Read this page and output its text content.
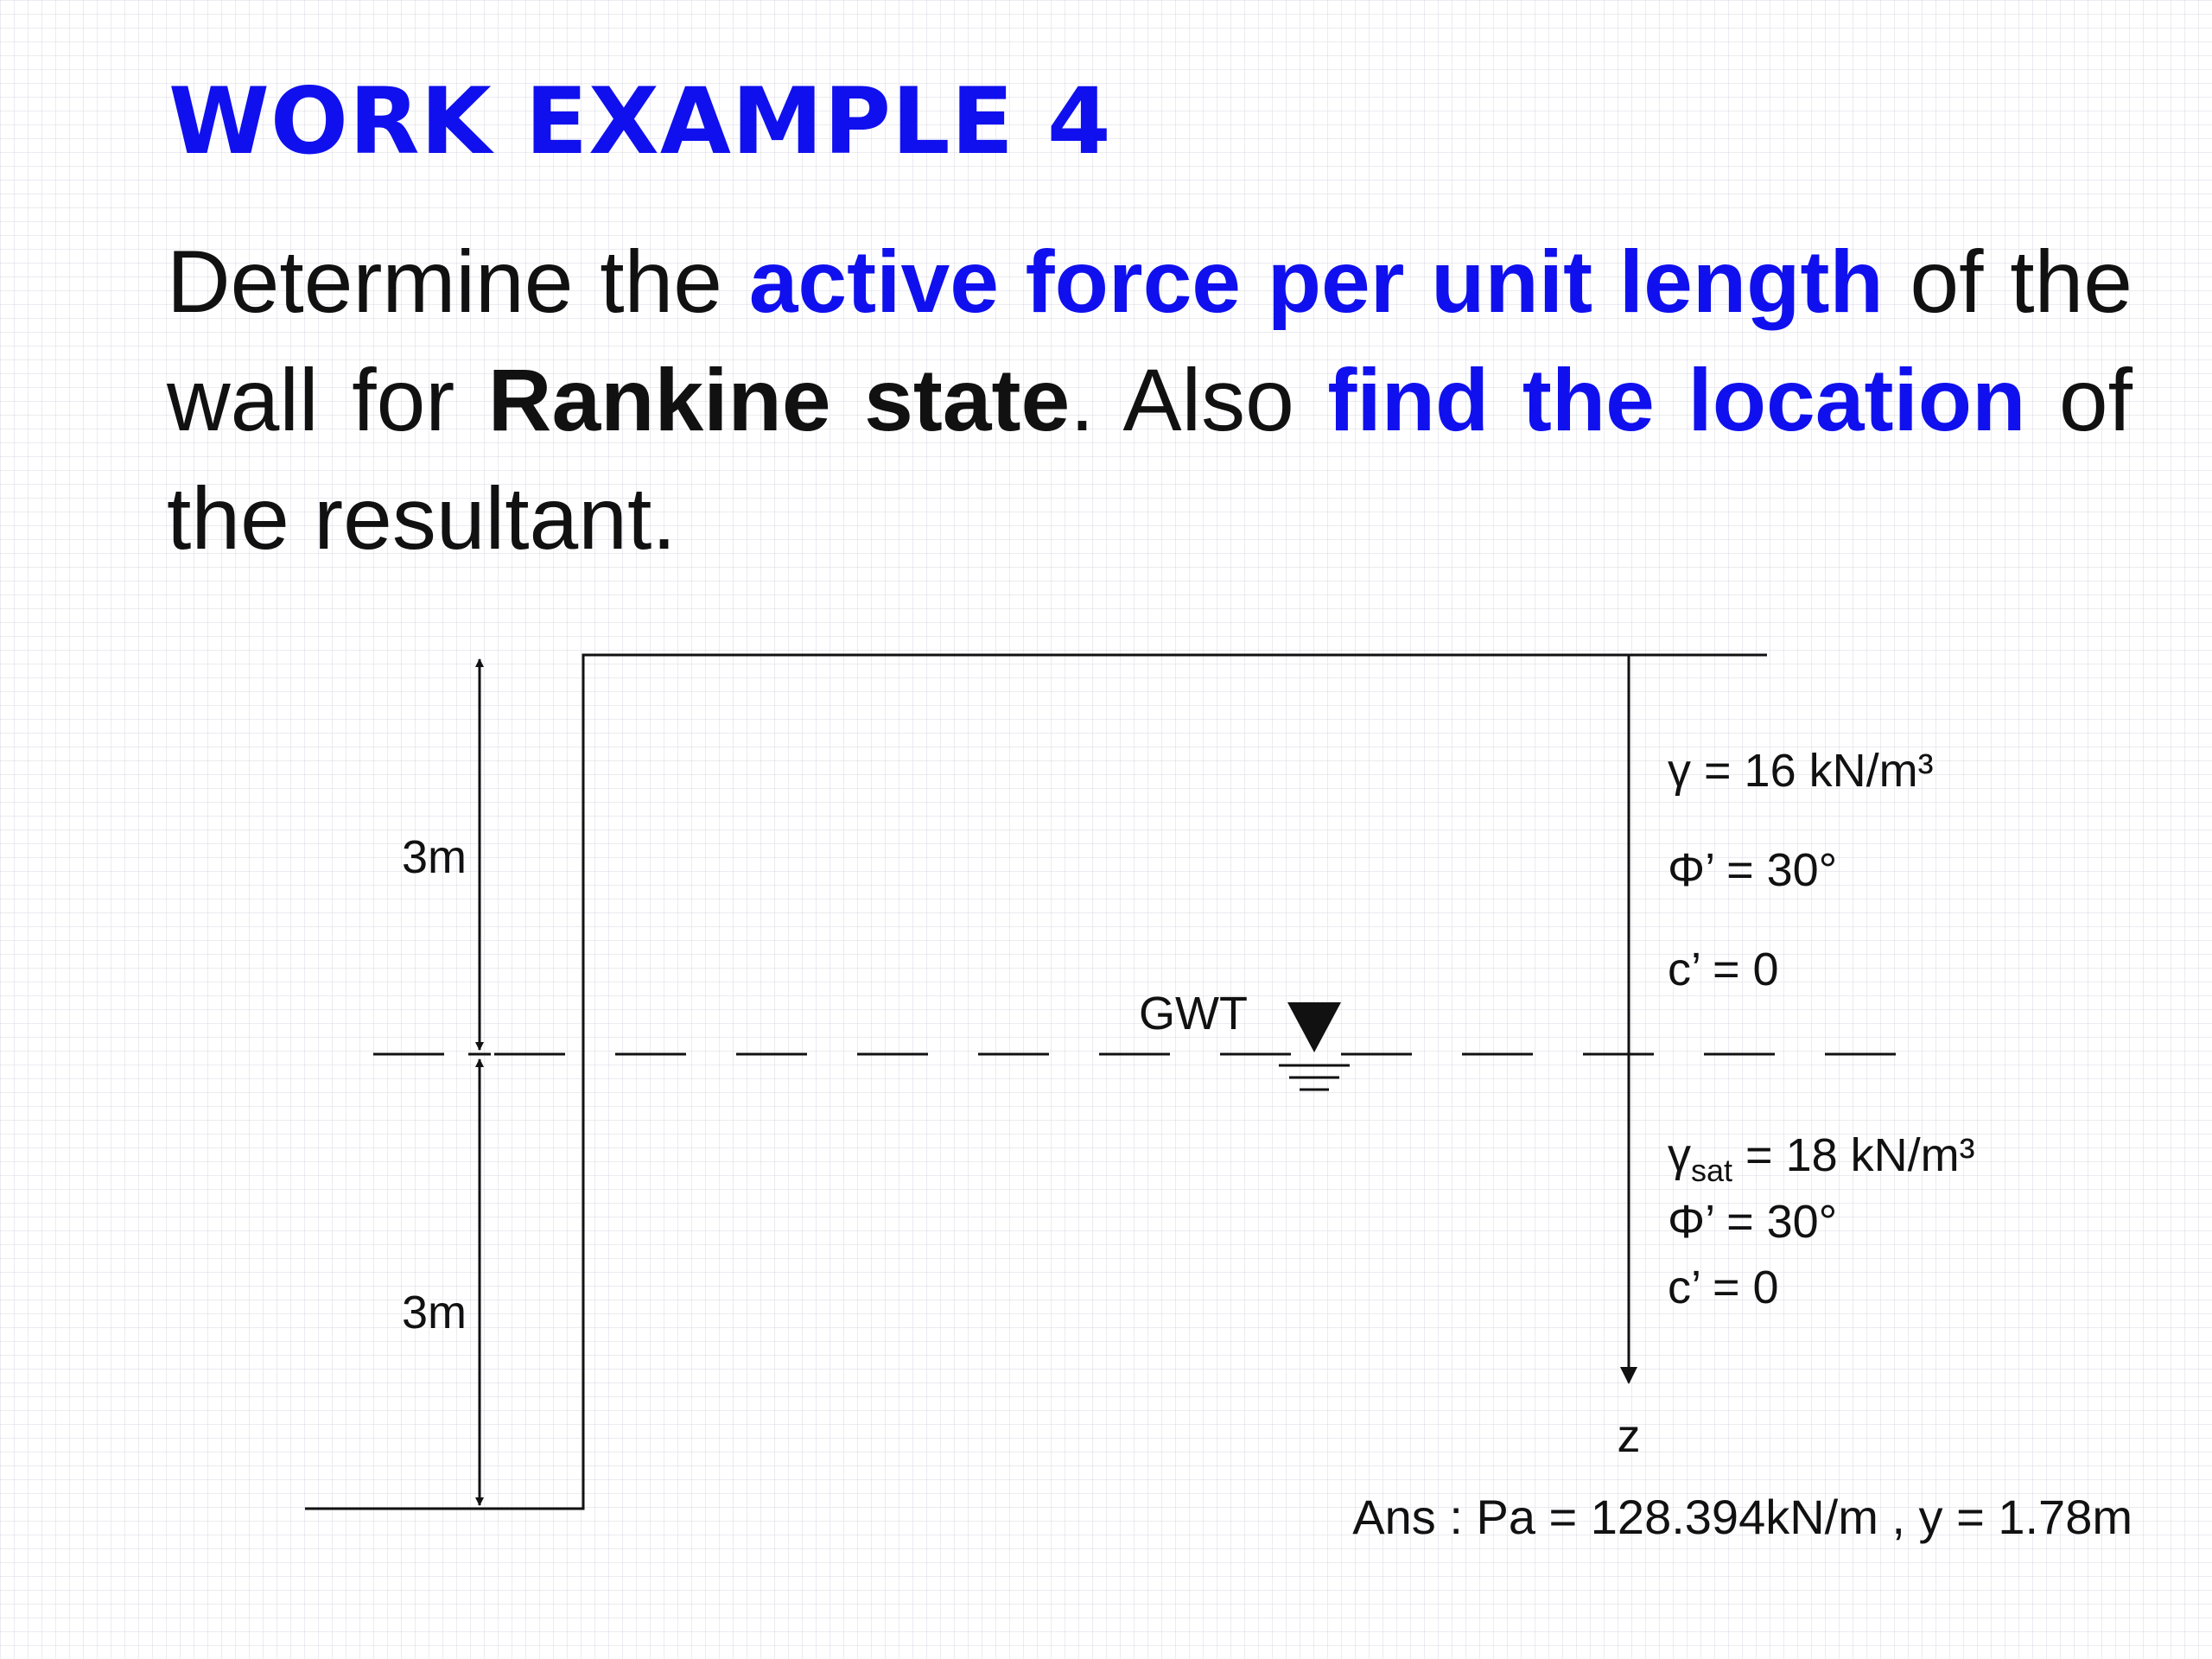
WORK EXAMPLE 4

Determine the active force per unit length of the wall for Rankine state. Also find the location of the resultant.

3m
3m
GWT
z
γ = 16 kN/m³
Φ’ = 30°
c’ = 0
$\gamma_{sat} = 18$ kN/m³
Φ’ = 30°
c’ = 0
Ans : Pa = 128.394kN/m , y = 1.78m
